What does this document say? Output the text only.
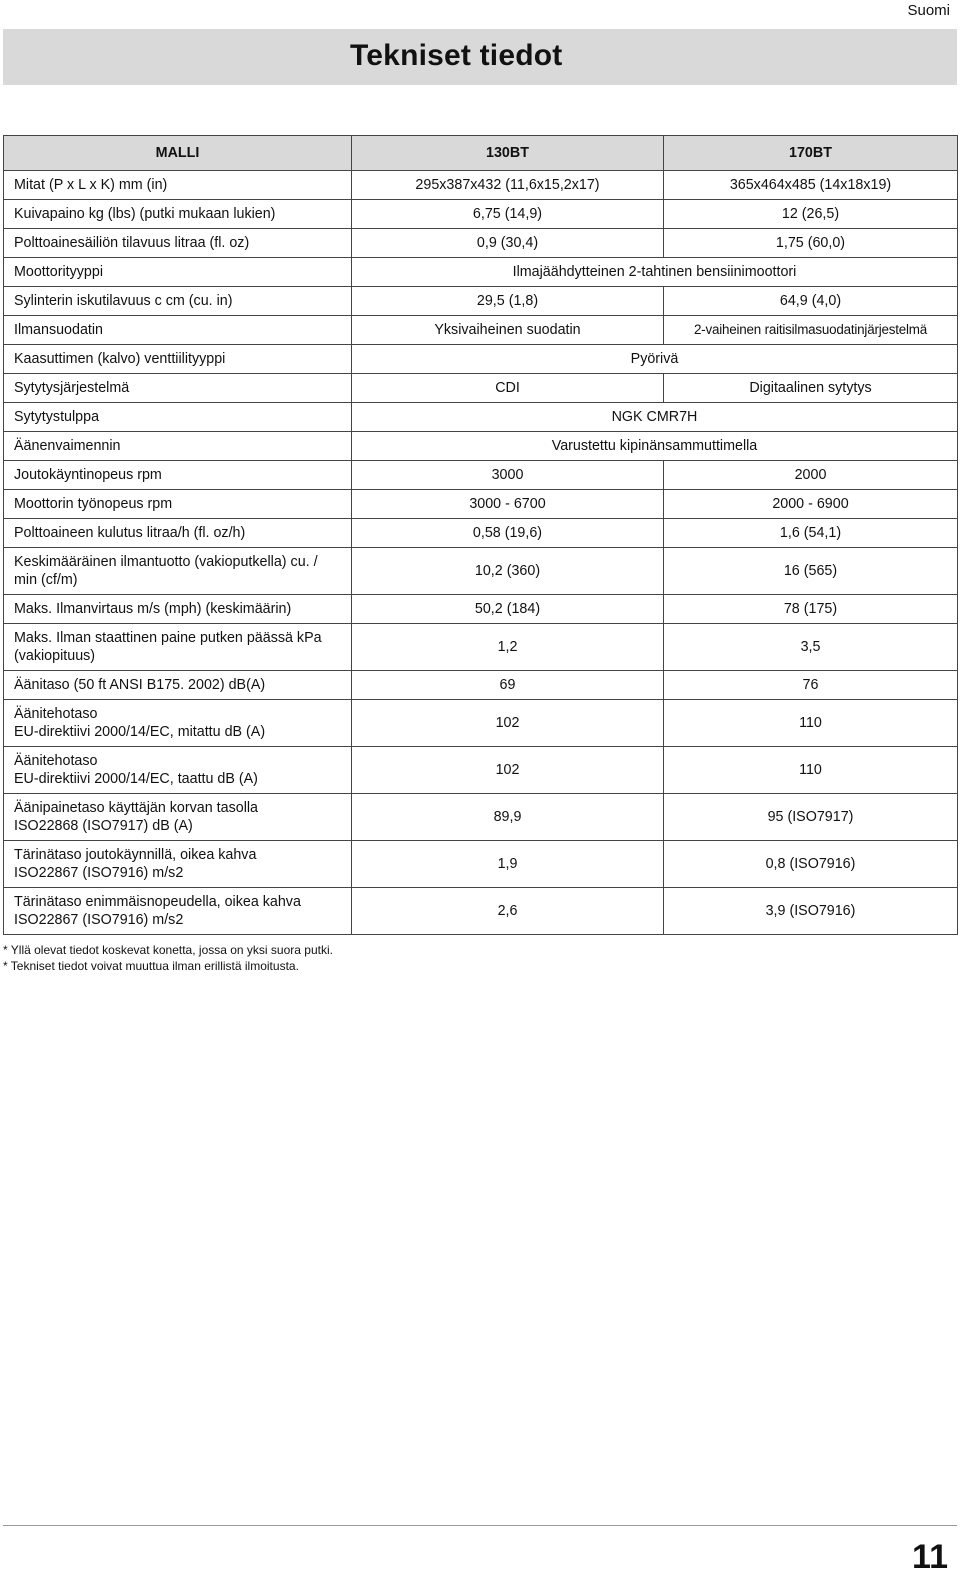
Suomi
Tekniset tiedot
MALLI	130BT	170BT
Mitat (P x L x K) mm (in)	295x387x432 (11,6x15,2x17)	365x464x485 (14x18x19)
Kuivapaino kg (lbs) (putki mukaan lukien)	6,75 (14,9)	12 (26,5)
Polttoainesäiliön tilavuus litraa (fl. oz)	0,9 (30,4)	1,75 (60,0)
Moottorityyppi	Ilmajäähdytteinen 2-tahtinen bensiinimoottori	
Sylinterin iskutilavuus c cm (cu. in)	29,5 (1,8)	64,9 (4,0)
Ilmansuodatin	Yksivaiheinen suodatin	2-vaiheinen raitisilmasuodatinjärjestelmä
Kaasuttimen (kalvo) venttiilityyppi	Pyörivä	
Sytytysjärjestelmä	CDI	Digitaalinen sytytys
Sytytystulppa	NGK CMR7H	
Äänenvaimennin	Varustettu kipinänsammuttimella	
Joutokäyntinopeus rpm	3000	2000
Moottorin työnopeus rpm	3000 - 6700	2000 - 6900
Polttoaineen kulutus litraa/h (fl. oz/h)	0,58 (19,6)	1,6 (54,1)
Keskimääräinen ilmantuotto (vakioputkella) cu. / min (cf/m)	10,2 (360)	16 (565)
Maks. Ilmanvirtaus m/s (mph) (keskimäärin)	50,2 (184)	78 (175)
Maks. Ilman staattinen paine putken päässä kPa (vakiopituus)	1,2	3,5
Äänitaso (50 ft ANSI B175. 2002) dB(A)	69	76

Äänitehotaso
EU-direktiivi 2000/14/EC, mitattu dB (A)	102	110

Äänitehotaso
EU-direktiivi 2000/14/EC, taattu dB (A)	102	110

Äänipainetaso käyttäjän korvan tasolla
ISO22868 (ISO7917) dB (A)	89,9	95 (ISO7917)

Tärinätaso joutokäynnillä, oikea kahva
ISO22867 (ISO7916) m/s2	1,9	0,8 (ISO7916)

Tärinätaso enimmäisnopeudella, oikea kahva
ISO22867 (ISO7916) m/s2	2,6	3,9 (ISO7916)
* Yllä olevat tiedot koskevat konetta, jossa on yksi suora putki.
* Tekniset tiedot voivat muuttua ilman erillistä ilmoitusta.
11
